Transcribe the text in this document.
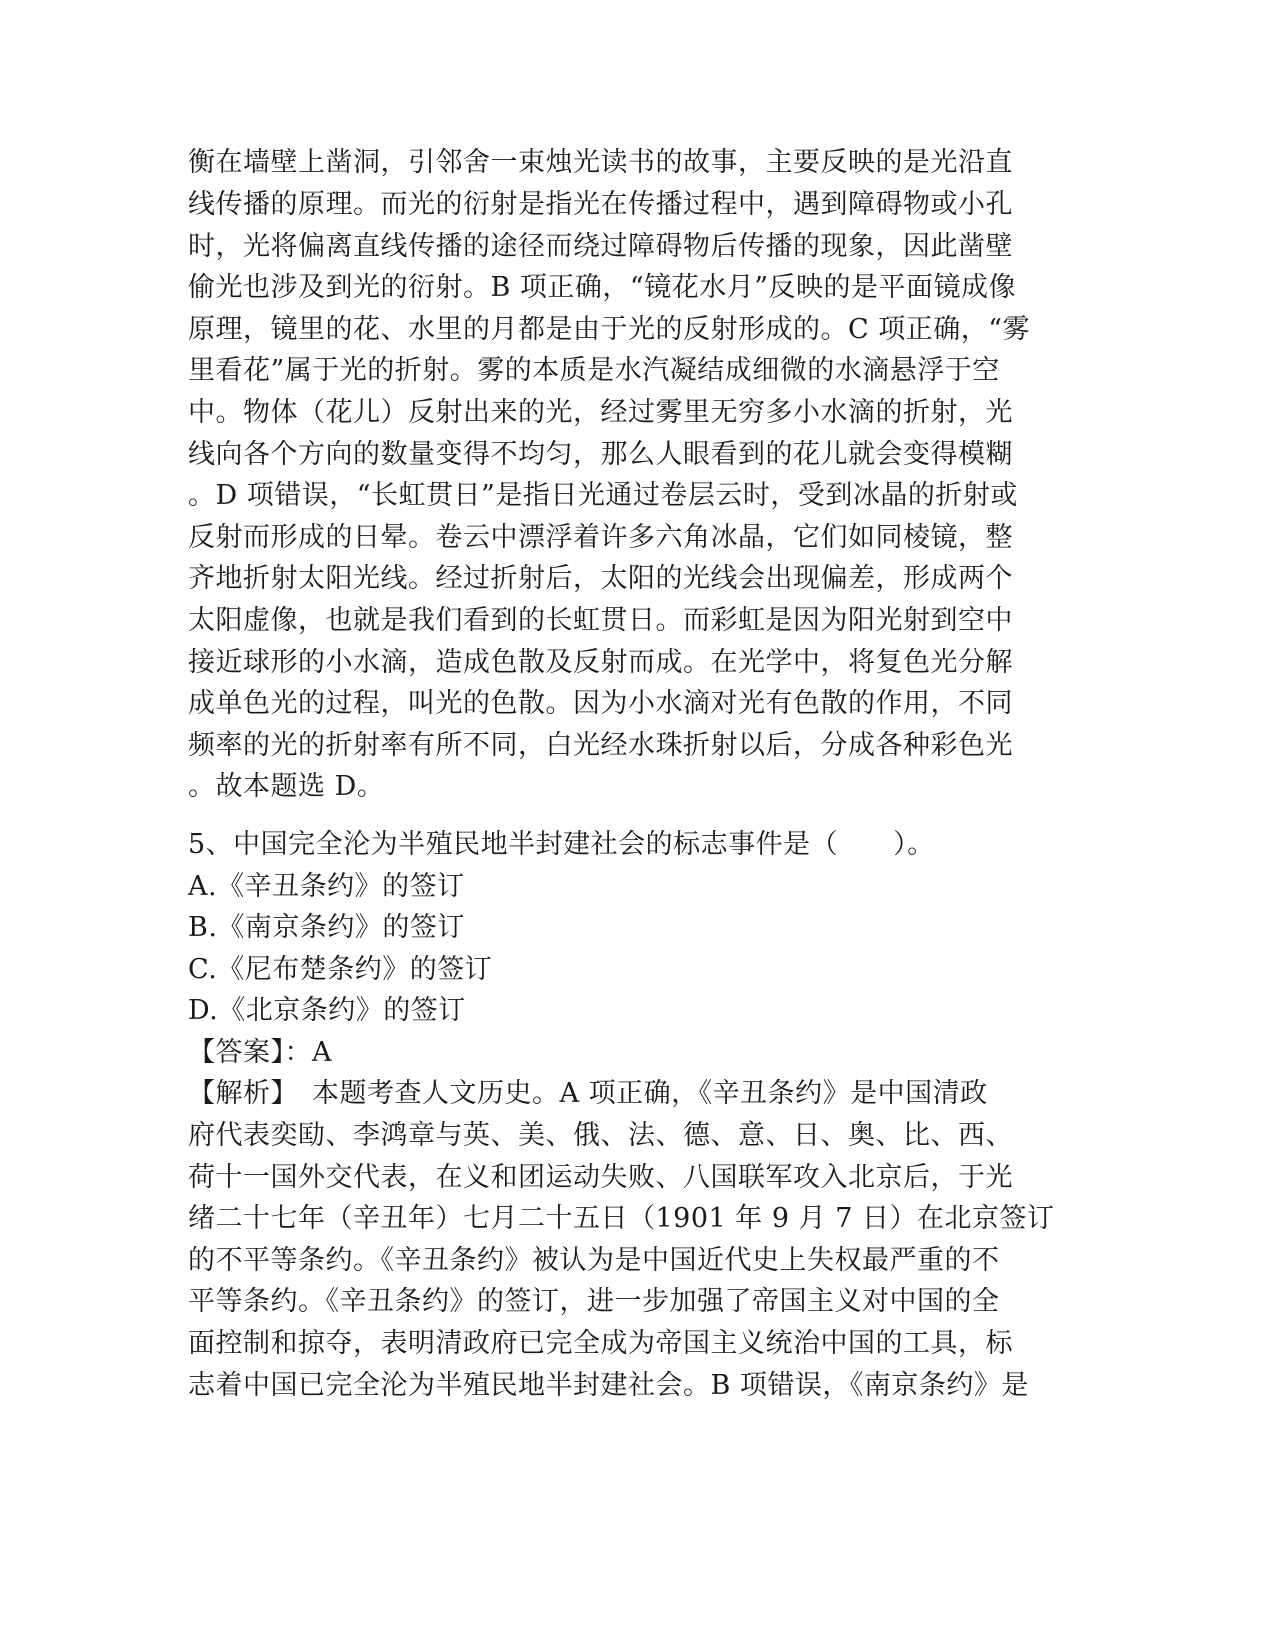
衡在墙壁上凿洞，引邻舍一束烛光读书的故事，主要反映的是光沿直
线传播的原理。而光的衍射是指光在传播过程中，遇到障碍物或小孔
时，光将偏离直线传播的途径而绕过障碍物后传播的现象，因此凿壁
偷光也涉及到光的衍射。B 项正确，“镜花水月”反映的是平面镜成像
原理，镜里的花、水里的月都是由于光的反射形成的。C 项正确，“雾
里看花”属于光的折射。雾的本质是水汽凝结成细微的水滴悬浮于空
中。物体（花儿）反射出来的光，经过雾里无穷多小水滴的折射，光
线向各个方向的数量变得不均匀，那么人眼看到的花儿就会变得模糊
。D 项错误，“长虹贯日”是指日光通过卷层云时，受到冰晶的折射或
反射而形成的日晕。卷云中漂浮着许多六角冰晶，它们如同棱镜，整
齐地折射太阳光线。经过折射后，太阳的光线会出现偏差，形成两个
太阳虚像，也就是我们看到的长虹贯日。而彩虹是因为阳光射到空中
接近球形的小水滴，造成色散及反射而成。在光学中，将复色光分解
成单色光的过程，叫光的色散。因为小水滴对光有色散的作用，不同
频率的光的折射率有所不同，白光经水珠折射以后，分成各种彩色光
。故本题选 D。
5、中国完全沦为半殖民地半封建社会的标志事件是（　　）。
A.《辛丑条约》的签订
B.《南京条约》的签订
C.《尼布楚条约》的签订
D.《北京条约》的签订
【答案】：A
【解析】　本题考查人文历史。A 项正确，《辛丑条约》是中国清政
府代表奕劻、李鸿章与英、美、俄、法、德、意、日、奥、比、西、
荷十一国外交代表，在义和团运动失败、八国联军攻入北京后，于光
绪二十七年（辛丑年）七月二十五日（1901 年 9 月 7 日）在北京签订
的不平等条约。《辛丑条约》被认为是中国近代史上失权最严重的不
平等条约。《辛丑条约》的签订，进一步加强了帝国主义对中国的全
面控制和掠夺，表明清政府已完全成为帝国主义统治中国的工具，标
志着中国已完全沦为半殖民地半封建社会。B 项错误，《南京条约》是
